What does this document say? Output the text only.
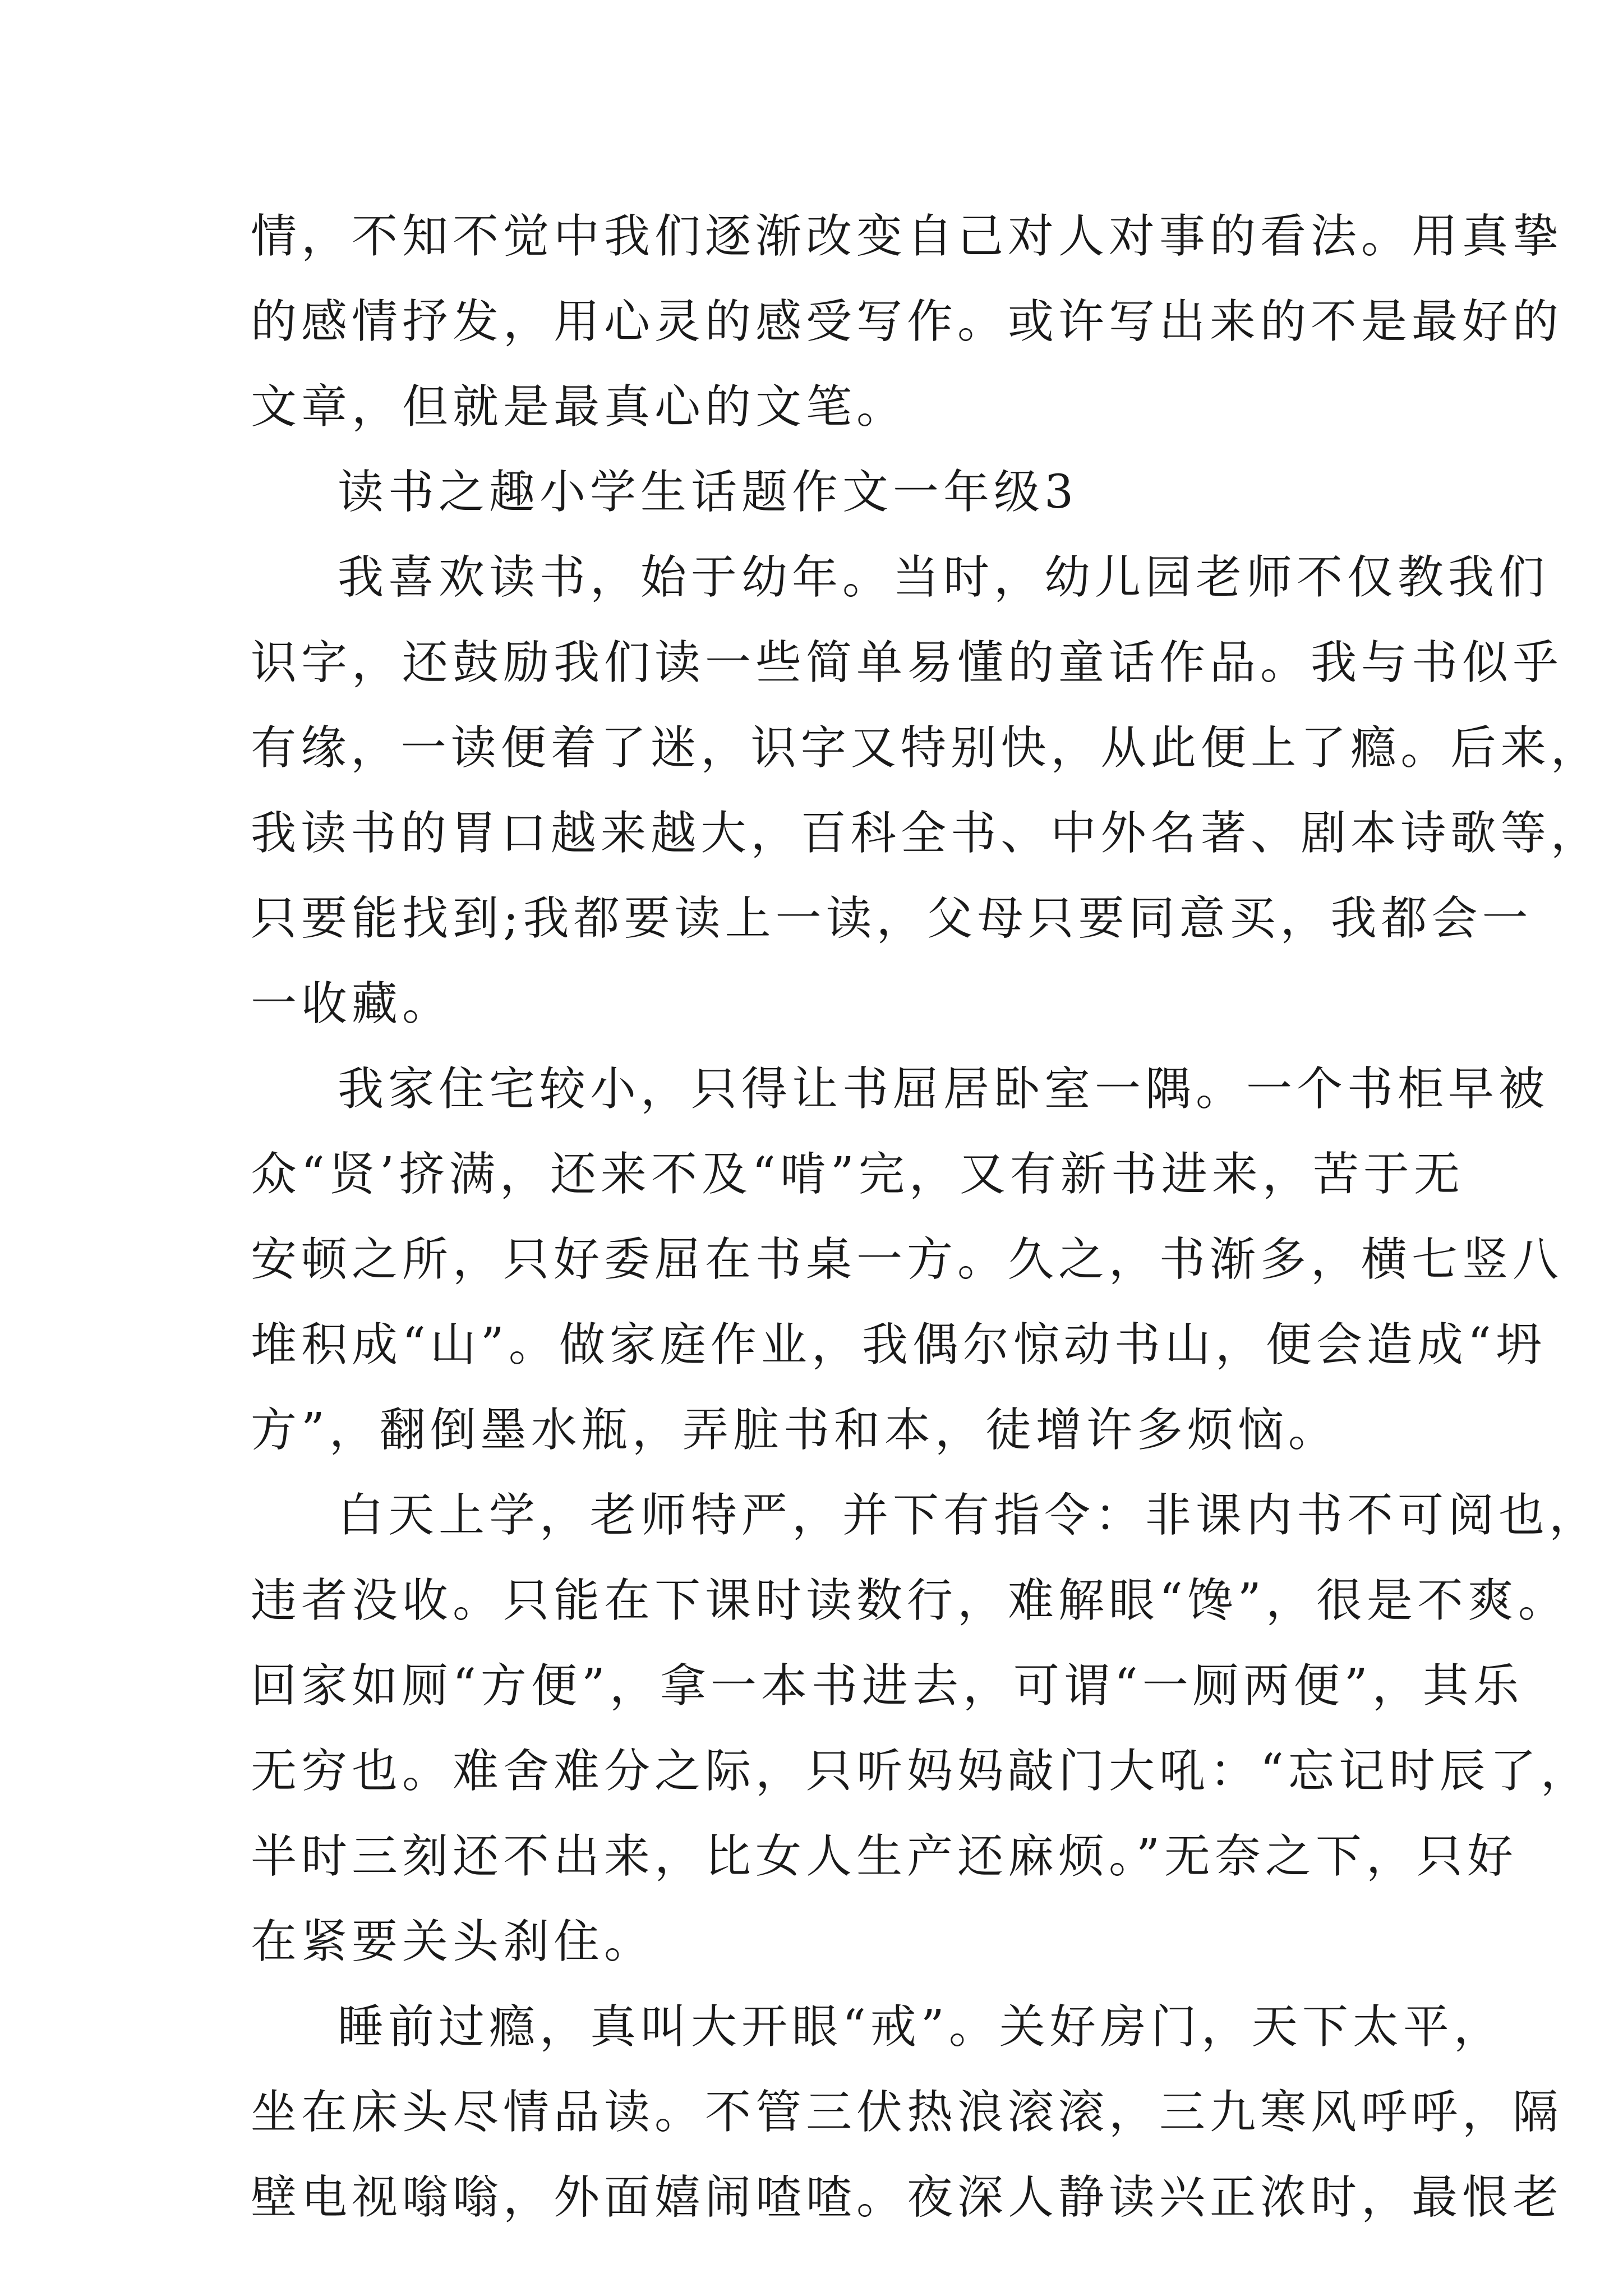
情，不知不觉中我们逐渐改变自己对人对事的看法。用真挚
的感情抒发，用心灵的感受写作。或许写出来的不是最好的
文章，但就是最真心的文笔。
读书之趣小学生话题作文一年级3
我喜欢读书，始于幼年。当时，幼儿园老师不仅教我们
识字，还鼓励我们读一些简单易懂的童话作品。我与书似乎
有缘，一读便着了迷，识字又特别快，从此便上了瘾。后来，
我读书的胃口越来越大，百科全书、中外名著、剧本诗歌等，
只要能找到;我都要读上一读，父母只要同意买，我都会一
一收藏。
我家住宅较小，只得让书屈居卧室一隅。一个书柜早被
众“贤’挤满，还来不及“啃”完，又有新书进来，苦于无
安顿之所，只好委屈在书桌一方。久之，书渐多，横七竖八
堆积成“山”。做家庭作业，我偶尔惊动书山，便会造成“坍
方”，翻倒墨水瓶，弄脏书和本，徒增许多烦恼。
白天上学，老师特严，并下有指令：非课内书不可阅也，
违者没收。只能在下课时读数行，难解眼“馋”，很是不爽。
回家如厕“方便”，拿一本书进去，可谓“一厕两便”，其乐
无穷也。难舍难分之际，只听妈妈敲门大吼：“忘记时辰了，
半时三刻还不出来，比女人生产还麻烦。”无奈之下，只好
在紧要关头刹住。
睡前过瘾，真叫大开眼“戒”。关好房门，天下太平，
坐在床头尽情品读。不管三伏热浪滚滚，三九寒风呼呼，隔
壁电视嗡嗡，外面嬉闹喳喳。夜深人静读兴正浓时，最恨老
